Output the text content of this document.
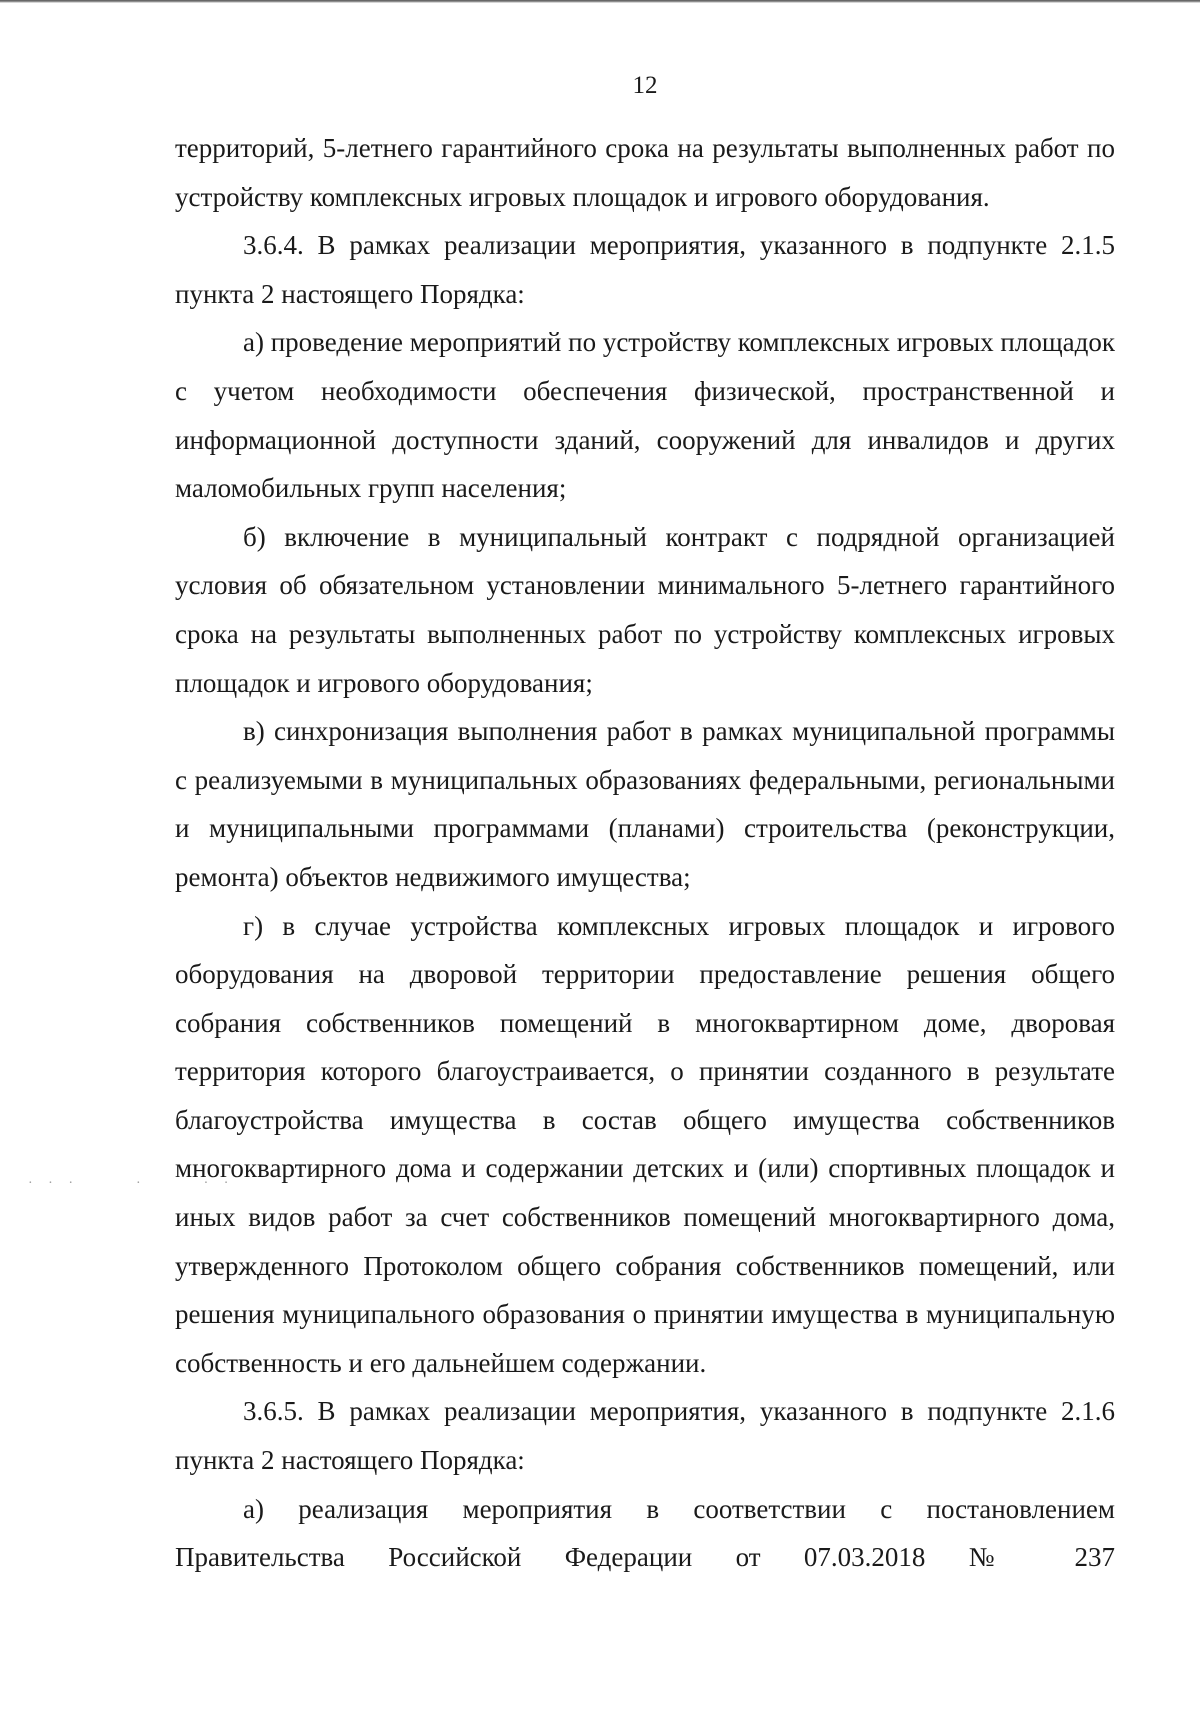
12

территорий, 5-летнего гарантийного срока на результаты выполненных работ по устройству комплексных игровых площадок и игрового оборудования.

3.6.4. В рамках реализации мероприятия, указанного в подпункте 2.1.5 пункта 2 настоящего Порядка:

а) проведение мероприятий по устройству комплексных игровых площадок с учетом необходимости обеспечения физической, пространственной и информационной доступности зданий, сооружений для инвалидов и других маломобильных групп населения;

б) включение в муниципальный контракт с подрядной организацией условия об обязательном установлении минимального 5-летнего гарантийного срока на результаты выполненных работ по устройству комплексных игровых площадок и игрового оборудования;

в) синхронизация выполнения работ в рамках муниципальной программы с реализуемыми в муниципальных образованиях федеральными, региональными и муниципальными программами (планами) строительства (реконструкции, ремонта) объектов недвижимого имущества;

г) в случае устройства комплексных игровых площадок и игрового оборудования на дворовой территории предоставление решения общего собрания собственников помещений в многоквартирном доме, дворовая территория которого благоустраивается, о принятии созданного в результате благоустройства имущества в состав общего имущества собственников многоквартирного дома и содержании детских и (или) спортивных площадок и иных видов работ за счет собственников помещений многоквартирного дома, утвержденного Протоколом общего собрания собственников помещений, или решения муниципального образования о принятии имущества в муниципальную собственность и его дальнейшем содержании.

3.6.5. В рамках реализации мероприятия, указанного в подпункте 2.1.6 пункта 2 настоящего Порядка:

а) реализация мероприятия в соответствии с постановлением Правительства Российской Федерации от 07.03.2018 № 237

· · ·      ·      · ·
